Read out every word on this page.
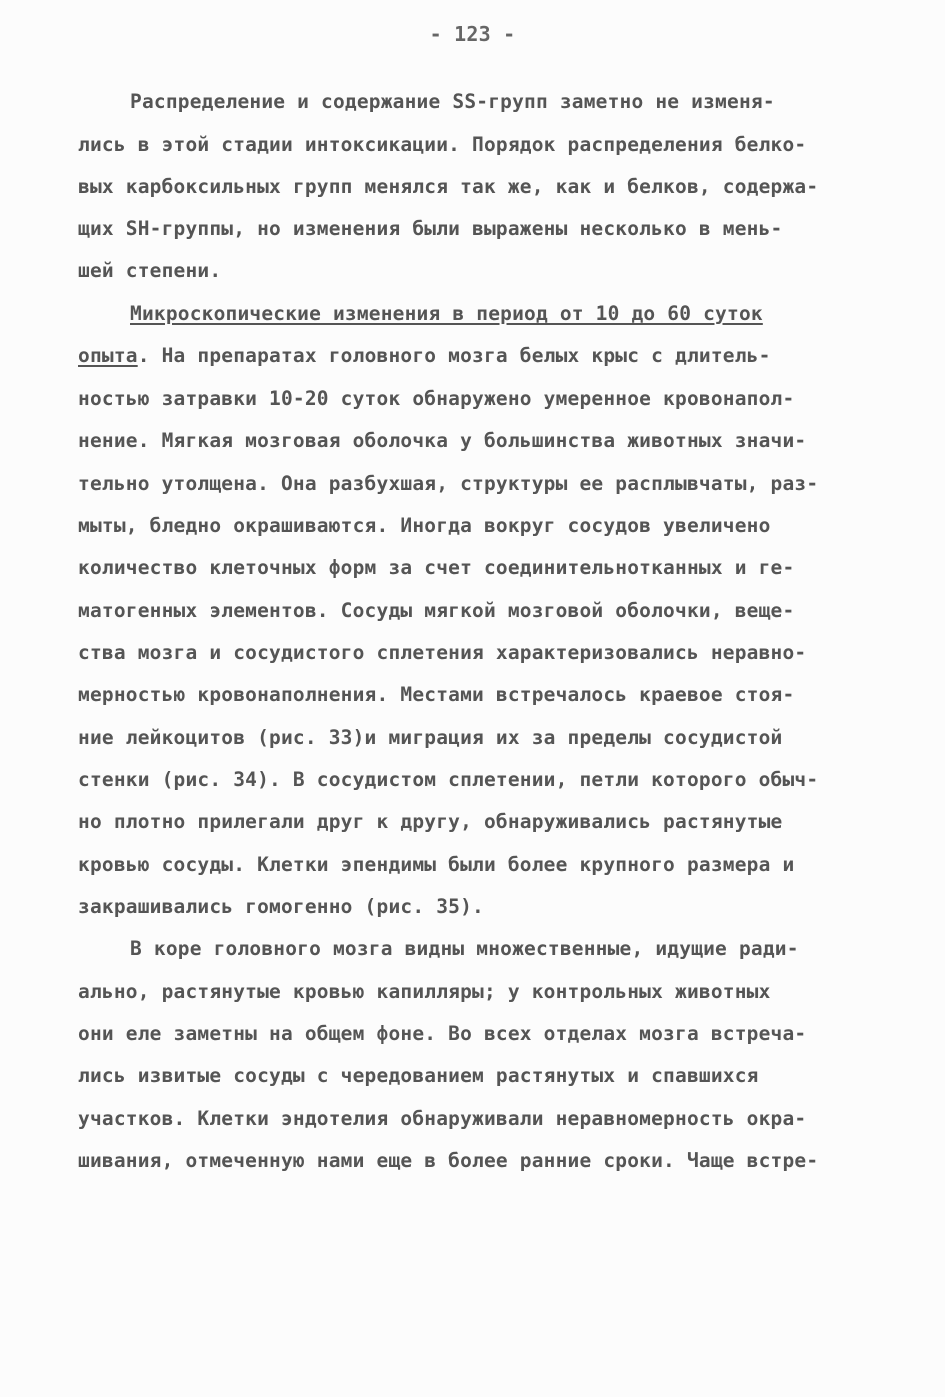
- 123 -
Распределение и содержание SS-групп заметно не изменя-
лись в этой стадии интоксикации. Порядок распределения белко-
вых карбоксильных групп менялся так же, как и белков, содержа-
щих SH-группы, но изменения были выражены несколько в мень-
шей степени.
Микроскопические изменения в период от 10 до 60 суток
опыта. На препаратах головного мозга белых крыс с длитель-
ностью затравки 10-20 суток обнаружено умеренное кровонапол-
нение. Мягкая мозговая оболочка у большинства животных значи-
тельно утолщена. Она разбухшая, структуры ее расплывчаты, раз-
мыты, бледно окрашиваются. Иногда вокруг сосудов увеличено
количество клеточных форм за счет соединительнотканных и ге-
матогенных элементов. Сосуды мягкой мозговой оболочки, веще-
ства мозга и сосудистого сплетения характеризовались неравно-
мерностью кровонаполнения. Местами встречалось краевое стоя-
ние лейкоцитов (рис. 33)и миграция их за пределы сосудистой
стенки (рис. 34). В сосудистом сплетении, петли которого обыч-
но плотно прилегали друг к другу, обнаруживались растянутые
кровью сосуды. Клетки эпендимы были более крупного размера и
закрашивались гомогенно (рис. 35).
В коре головного мозга видны множественные, идущие ради-
ально, растянутые кровью капилляры; у контрольных животных
они еле заметны на общем фоне. Во всех отделах мозга встреча-
лись извитые сосуды с чередованием растянутых и спавшихся
участков. Клетки эндотелия обнаруживали неравномерность окра-
шивания, отмеченную нами еще в более ранние сроки. Чаще встре-
